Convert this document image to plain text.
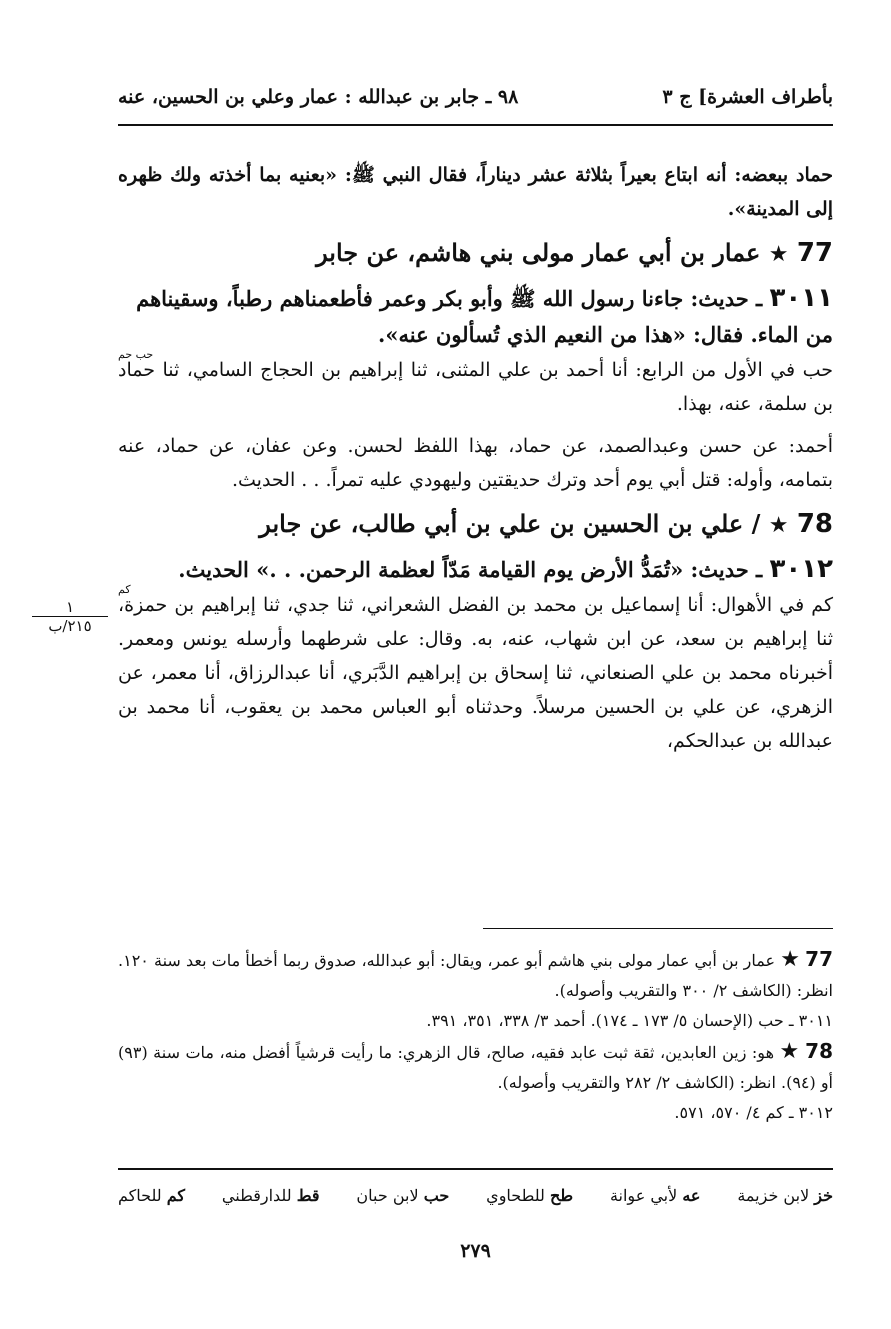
بأطراف العشرة] ج ٣
٩٨ ـ جابر بن عبدالله : عمار وعلي بن الحسين، عنه

حماد ببعضه: أنه ابتاع بعيراً بثلاثة عشر ديناراً، فقال النبي ﷺ: «بعنيه بما أخذته ولك ظهره إلى المدينة».

77 ★ عمار بن أبي عمار مولى بني هاشم، عن جابر
٣٠١١ ـ حديث: جاءنا رسول الله ﷺ وأبو بكر وعمر فأطعمناهم رطباً، وسقيناهم من الماء. فقال: «هذا من النعيم الذي تُسألون عنه».
حب حم

حب في الأول من الرابع: أنا أحمد بن علي المثنى، ثنا إبراهيم بن الحجاج السامي، ثنا حماد بن سلمة، عنه، بهذا.

أحمد: عن حسن وعبدالصمد، عن حماد، بهذا اللفظ لحسن. وعن عفان، عن حماد، عنه بتمامه، وأوله: قتل أبي يوم أحد وترك حديقتين وليهودي عليه تمراً. . . الحديث.

78 ★ / علي بن الحسين بن علي بن أبي طالب، عن جابر
٣٠١٢ ـ حديث: «تُمَدُّ الأرض يوم القيامة مَدّاً لعظمة الرحمن. . .» الحديث.
كم

كم في الأهوال: أنا إسماعيل بن محمد بن الفضل الشعراني، ثنا جدي، ثنا إبراهيم بن حمزة، ثنا إبراهيم بن سعد، عن ابن شهاب، عنه، به. وقال: على شرطهما وأرسله يونس ومعمر. أخبرناه محمد بن علي الصنعاني، ثنا إسحاق بن إبراهيم الدَّبَري، أنا عبدالرزاق، أنا معمر، عن الزهري، عن علي بن الحسين مرسلاً. وحدثناه أبو العباس محمد بن يعقوب، أنا محمد بن عبدالله بن عبدالحكم،

77 ★ عمار بن أبي عمار مولى بني هاشم أبو عمر، ويقال: أبو عبدالله، صدوق ربما أخطأ مات بعد سنة ١٢٠. انظر: (الكاشف ٢/ ٣٠٠ والتقريب وأصوله).

٣٠١١ ـ حب (الإحسان ٥/ ١٧٣ ـ ١٧٤). أحمد ٣/ ٣٣٨، ٣٥١، ٣٩١.

78 ★ هو: زين العابدين، ثقة ثبت عابد فقيه، صالح، قال الزهري: ما رأيت قرشياً أفضل منه، مات سنة (٩٣) أو (٩٤). انظر: (الكاشف ٢/ ٢٨٢ والتقريب وأصوله).

٣٠١٢ ـ كم ٤/ ٥٧٠، ٥٧١.

خز لابن خزيمة
عه لأبي عوانة
طح للطحاوي
حب لابن حبان
قط للدارقطني
كم للحاكم
٢٧٩
١
٢١٥/ب
